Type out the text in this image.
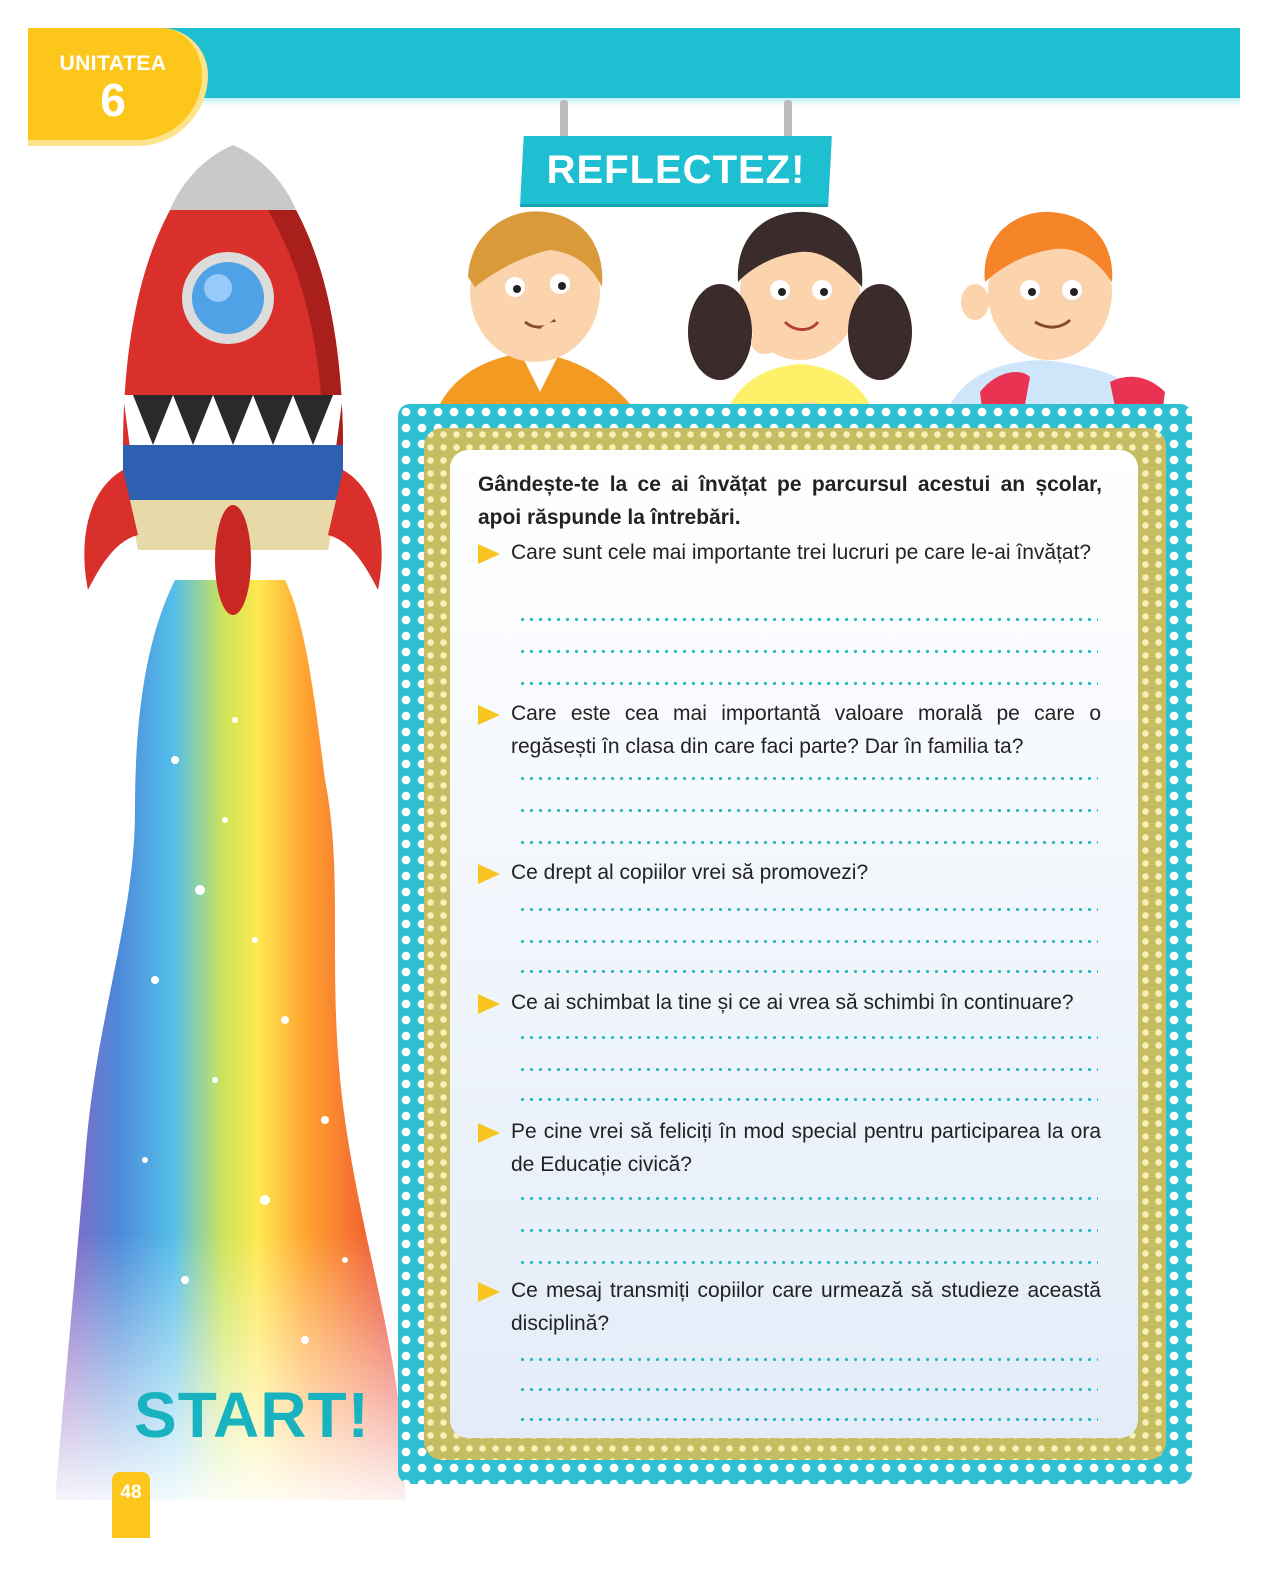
UNITATEA
6
REFLECTEZ!
START!
48
Gândește-te la ce ai învățat pe parcursul acestui an școlar, apoi răspunde la întrebări.
Care sunt cele mai importante trei lucruri pe care le-ai învățat?
Care este cea mai importantă valoare morală pe care o regăsești în clasa din care faci parte? Dar în familia ta?
Ce drept al copiilor vrei să promovezi?
Ce ai schimbat la tine și ce ai vrea să schimbi în continuare?
Pe cine vrei să feliciți în mod special pentru participarea la ora de Educație civică?
Ce mesaj transmiți copiilor care urmează să studieze această disciplină?
